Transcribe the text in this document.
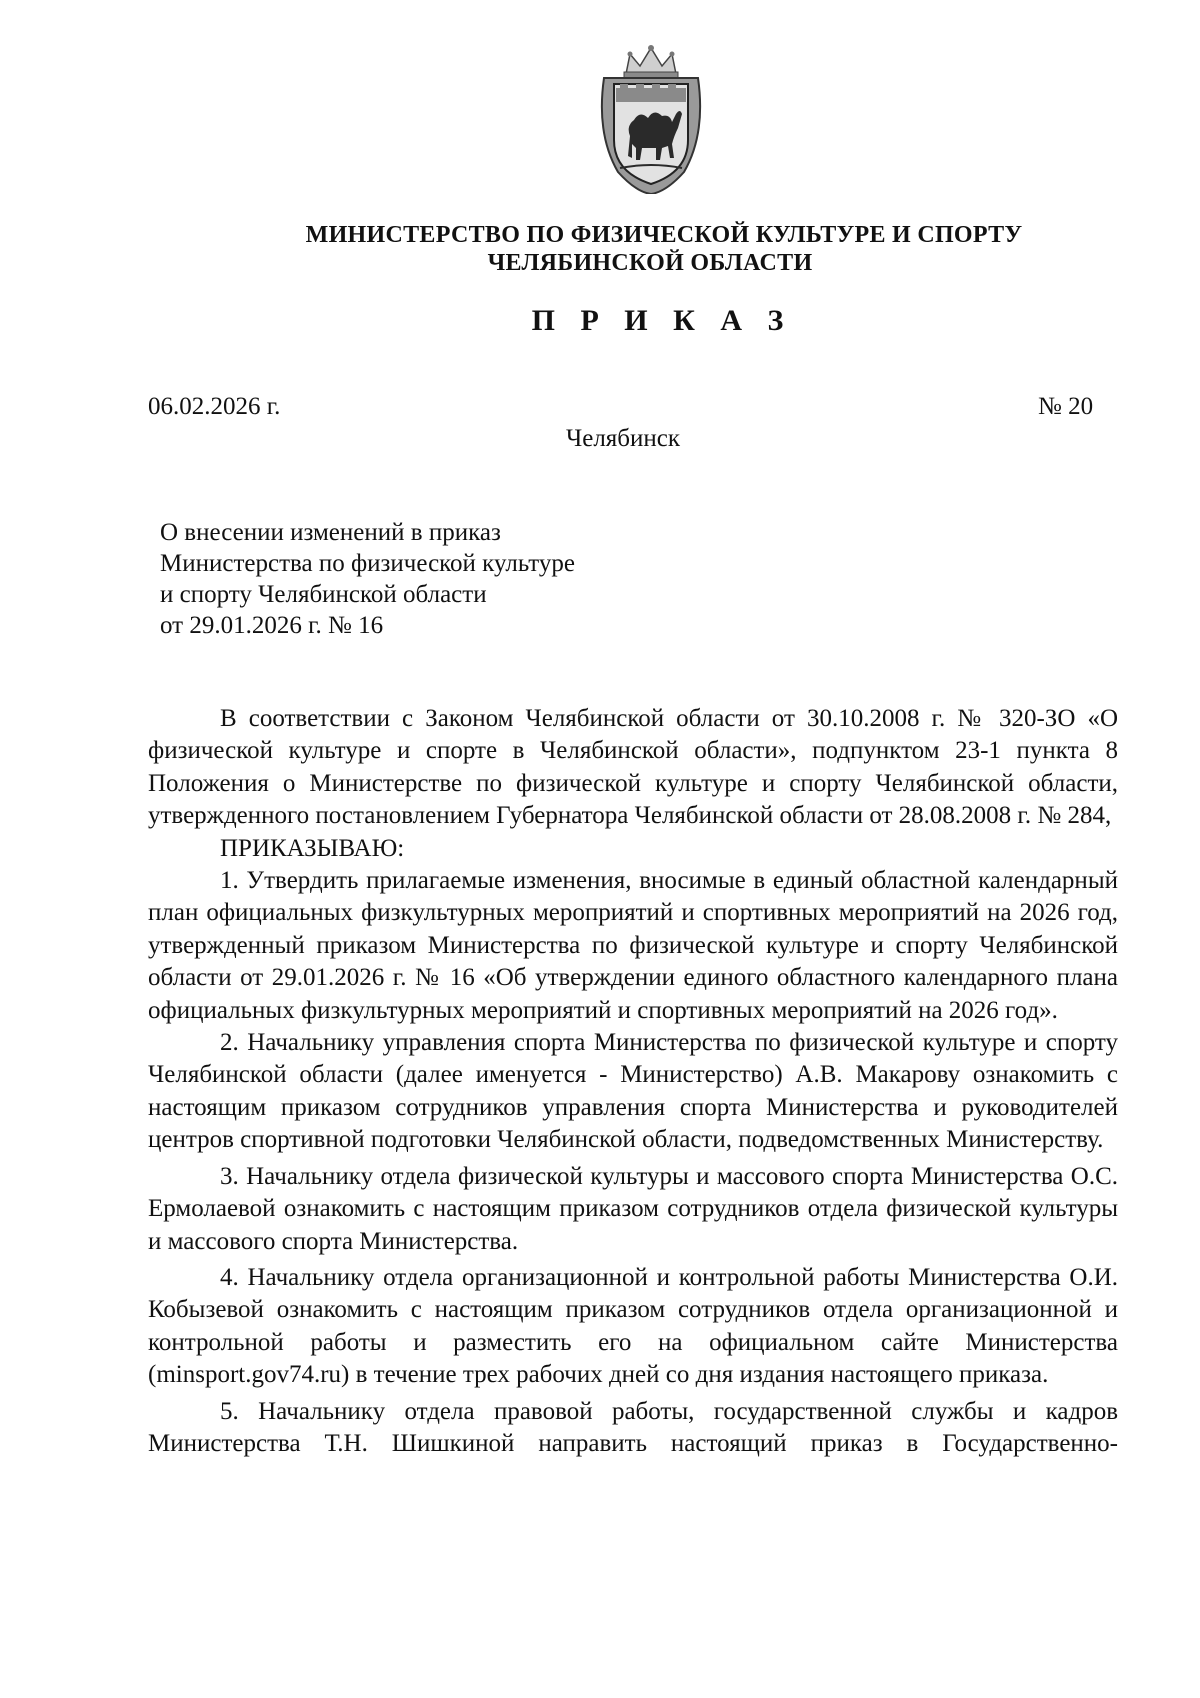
МИНИСТЕРСТВО ПО ФИЗИЧЕСКОЙ КУЛЬТУРЕ И СПОРТУ
ЧЕЛЯБИНСКОЙ ОБЛАСТИ
П Р И К А З
06.02.2026 г.	№ 20
Челябинск
О внесении изменений в приказ
Министерства по физической культуре
и спорту Челябинской области
от 29.01.2026 г. № 16

В соответствии с Законом Челябинской области от 30.10.2008 г. № 320-ЗО «О физической культуре и спорте в Челябинской области», подпунктом 23-1 пункта 8 Положения о Министерстве по физической культуре и спорту Челябинской области, утвержденного постановлением Губернатора Челябинской области от 28.08.2008 г. № 284,

ПРИКАЗЫВАЮ:

1. Утвердить прилагаемые изменения, вносимые в единый областной календарный план официальных физкультурных мероприятий и спортивных мероприятий на 2026 год, утвержденный приказом Министерства по физической культуре и спорту Челябинской области от 29.01.2026 г. № 16 «Об утверждении единого областного календарного плана официальных физкультурных мероприятий и спортивных мероприятий на 2026 год».

2. Начальнику управления спорта Министерства по физической культуре и спорту Челябинской области (далее именуется - Министерство) А.В. Макарову ознакомить с настоящим приказом сотрудников управления спорта Министерства и руководителей центров спортивной подготовки Челябинской области, подведомственных Министерству.

3. Начальнику отдела физической культуры и массового спорта Министерства О.С. Ермолаевой ознакомить с настоящим приказом сотрудников отдела физической культуры и массового спорта Министерства.

4. Начальнику отдела организационной и контрольной работы Министерства О.И. Кобызевой ознакомить с настоящим приказом сотрудников отдела организационной и контрольной работы и разместить его на официальном сайте Министерства (minsport.gov74.ru) в течение трех рабочих дней со дня издания настоящего приказа.

5. Начальнику отдела правовой работы, государственной службы и кадров Министерства Т.Н. Шишкиной направить настоящий приказ в Государственно-
